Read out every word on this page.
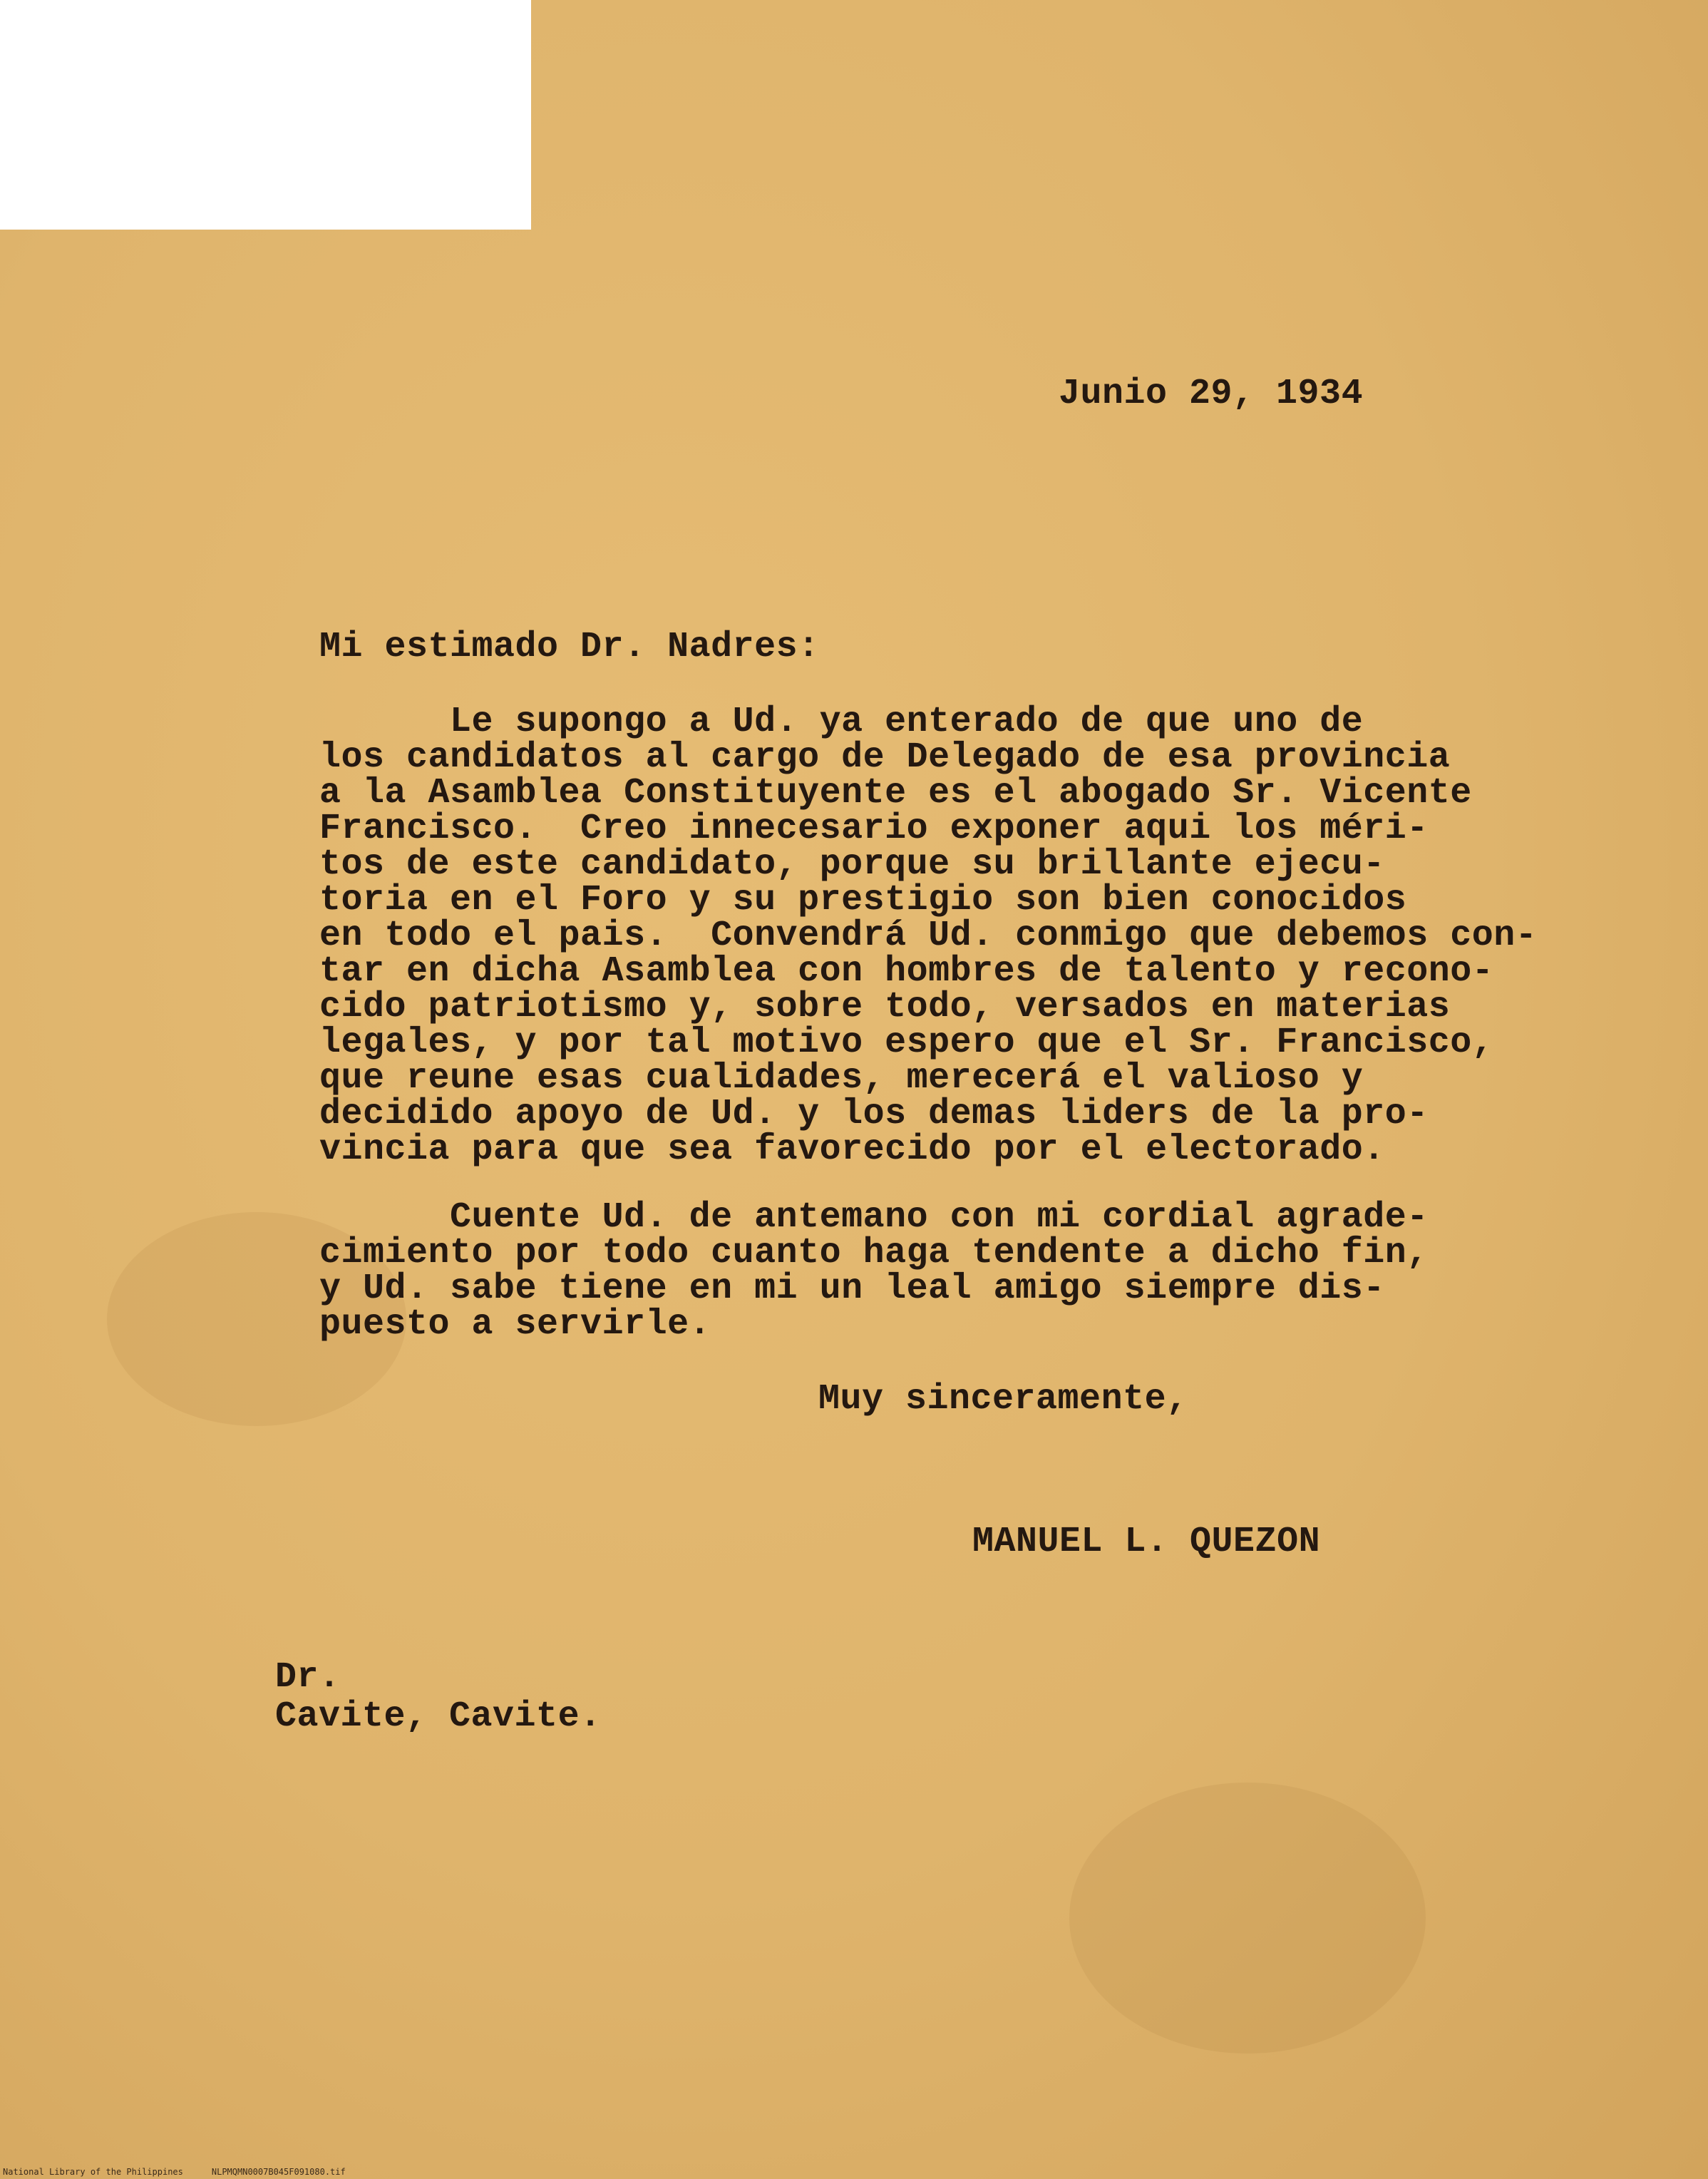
Junio 29, 1934
Mi estimado Dr. Nadres:
Le supongo a Ud. ya enterado de que uno de
los candidatos al cargo de Delegado de esa provincia
a la Asamblea Constituyente es el abogado Sr. Vicente
Francisco.  Creo innecesario exponer aqui los méri-
tos de este candidato, porque su brillante ejecu-
toria en el Foro y su prestigio son bien conocidos
en todo el pais.  Convendrá Ud. conmigo que debemos con-
tar en dicha Asamblea con hombres de talento y recono-
cido patriotismo y, sobre todo, versados en materias
legales, y por tal motivo espero que el Sr. Francisco,
que reune esas cualidades, merecerá el valioso y
decidido apoyo de Ud. y los demas liders de la pro-
vincia para que sea favorecido por el electorado.
Cuente Ud. de antemano con mi cordial agrade-
cimiento por todo cuanto haga tendente a dicho fin,
y Ud. sabe tiene en mi un leal amigo siempre dis-
puesto a servirle.
Muy sinceramente,
MANUEL L. QUEZON
Dr.
Cavite, Cavite.
National Library of the Philippines	NLPMQMN0007B045F091080.tif
